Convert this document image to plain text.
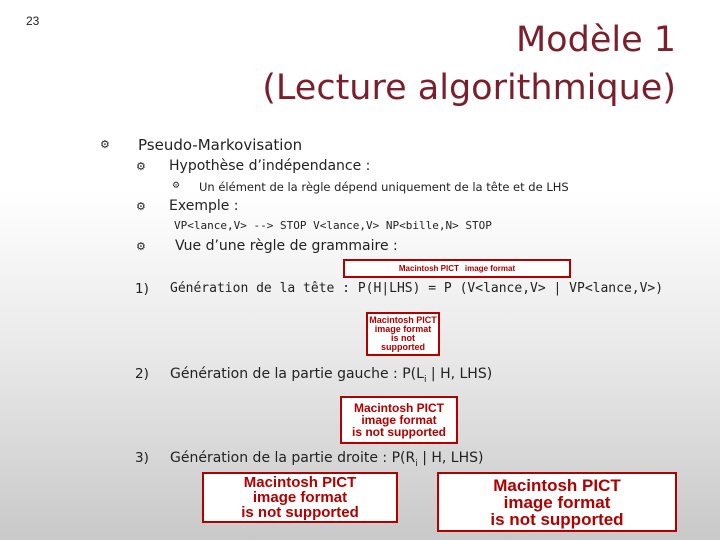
23	Modèle 1
(Lecture algorithmique)
⚙ Pseudo-Markovisation
⚙ Hypothèse d’indépendance :
⚙ Un élément de la règle dépend uniquement de la tête et de LHS
⚙ Exemple :
VP<lance,V> --> STOP V<lance,V> NP<bille,N> STOP
⚙ Vue d’une règle de grammaire :
Macintosh PICT image format
1) Génération de la tête : P(H|LHS) = P (V<lance,V> | VP<lance,V>)
Macintosh PICT
image format
is not supported
2) Génération de la partie gauche : $P(L_i$ | H, LHS)
Macintosh PICT
image format
is not supported
3) Génération de la partie droite : $P(R_i$ | H, LHS)
Macintosh PICT
image format
is not supported
Macintosh PICT
image format
is not supported
